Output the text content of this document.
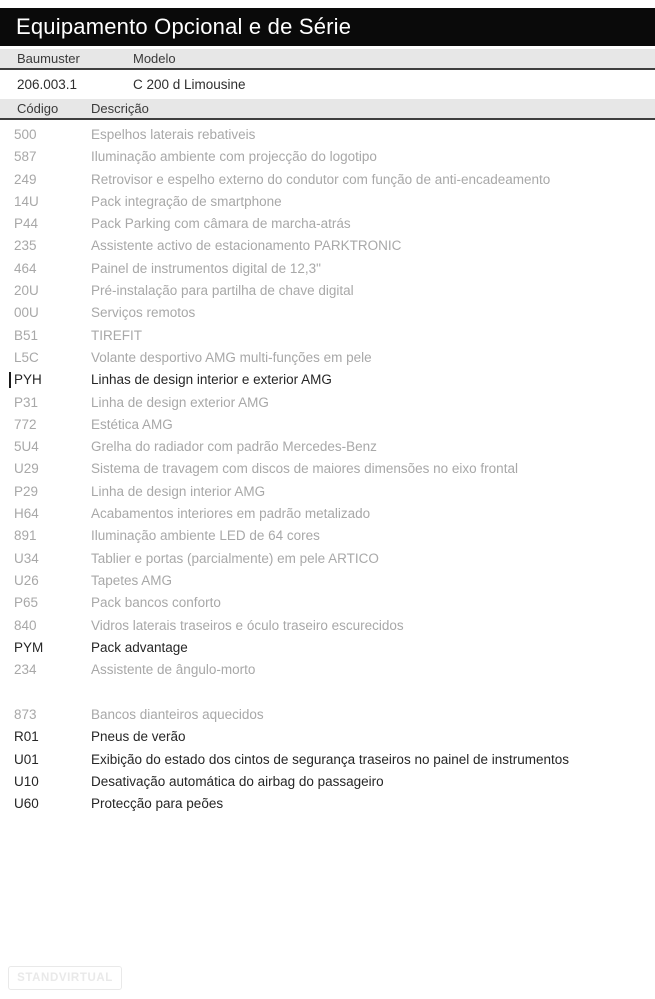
Equipamento Opcional e de Série
Baumuster	Modelo
206.003.1	C 200 d Limousine
Código	Descrição
500	Espelhos laterais rebativeis
587	Iluminação ambiente com projecção do logotipo
249	Retrovisor e espelho externo do condutor com função de anti-encadeamento
14U	Pack integração de smartphone
P44	Pack Parking com câmara de marcha-atrás
235	Assistente activo de estacionamento PARKTRONIC
464	Painel de instrumentos digital de 12,3"
20U	Pré-instalação para partilha de chave digital
00U	Serviços remotos
B51	TIREFIT
L5C	Volante desportivo AMG multi-funções em pele
PYH	Linhas de design interior e exterior AMG
P31	Linha de design exterior AMG
772	Estética AMG
5U4	Grelha do radiador com padrão Mercedes-Benz
U29	Sistema de travagem com discos de maiores dimensões no eixo frontal
P29	Linha de design interior AMG
H64	Acabamentos interiores em padrão metalizado
891	Iluminação ambiente LED de 64 cores
U34	Tablier e portas (parcialmente) em pele ARTICO
U26	Tapetes AMG
P65	Pack bancos conforto
840	Vidros laterais traseiros e óculo traseiro escurecidos
PYM	Pack advantage
234	Assistente de ângulo-morto
873	Bancos dianteiros aquecidos
R01	Pneus de verão
U01	Exibição do estado dos cintos de segurança traseiros no painel de instrumentos
U10	Desativação automática do airbag do passageiro
U60	Protecção para peões
STANDVIRTUAL
